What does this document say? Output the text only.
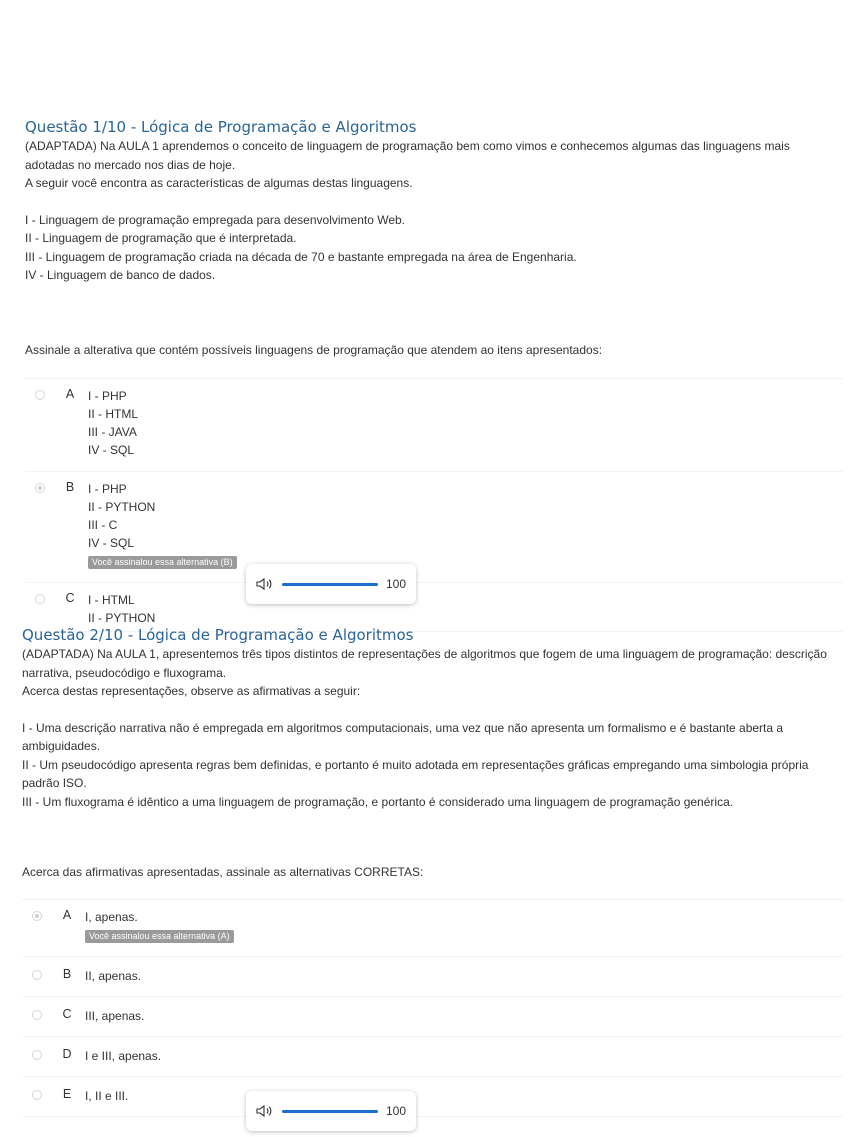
Questão 1/10 - Lógica de Programação e Algoritmos

(ADAPTADA) Na AULA 1 aprendemos o conceito de linguagem de programação bem como vimos e conhecemos algumas das linguagens mais adotadas no mercado nos dias de hoje.

A seguir você encontra as características de algumas destas linguagens.

I - Linguagem de programação empregada para desenvolvimento Web.

II - Linguagem de programação que é interpretada.

III - Linguagem de programação criada na década de 70 e bastante empregada na área de Engenharia.

IV - Linguagem de banco de dados.

Assinale a alterativa que contém possíveis linguagens de programação que atendem ao itens apresentados:
A I - PHP
II - HTML
III - JAVA
IV - SQL
B I - PHP
II - PYTHON
III - C
IV - SQL
Você assinalou essa alternativa (B)
C I - HTML
II - PYTHON
Questão 2/10 - Lógica de Programação e Algoritmos

(ADAPTADA) Na AULA 1, apresentemos três tipos distintos de representações de algoritmos que fogem de uma linguagem de programação: descrição narrativa, pseudocódigo e fluxograma.

Acerca destas representações, observe as afirmativas a seguir:

I - Uma descrição narrativa não é empregada em algoritmos computacionais, uma vez que não apresenta um formalismo e é bastante aberta a ambiguidades.

II - Um pseudocódigo apresenta regras bem definidas, e portanto é muito adotada em representações gráficas empregando uma simbologia própria padrão ISO.

III - Um fluxograma é idêntico a uma linguagem de programação, e portanto é considerado uma linguagem de programação genérica.

Acerca das afirmativas apresentadas, assinale as alternativas CORRETAS:
A I, apenas.
Você assinalou essa alternativa (A)
B II, apenas.
C III, apenas.
D I e III, apenas.
E I, II e III.
100
100
